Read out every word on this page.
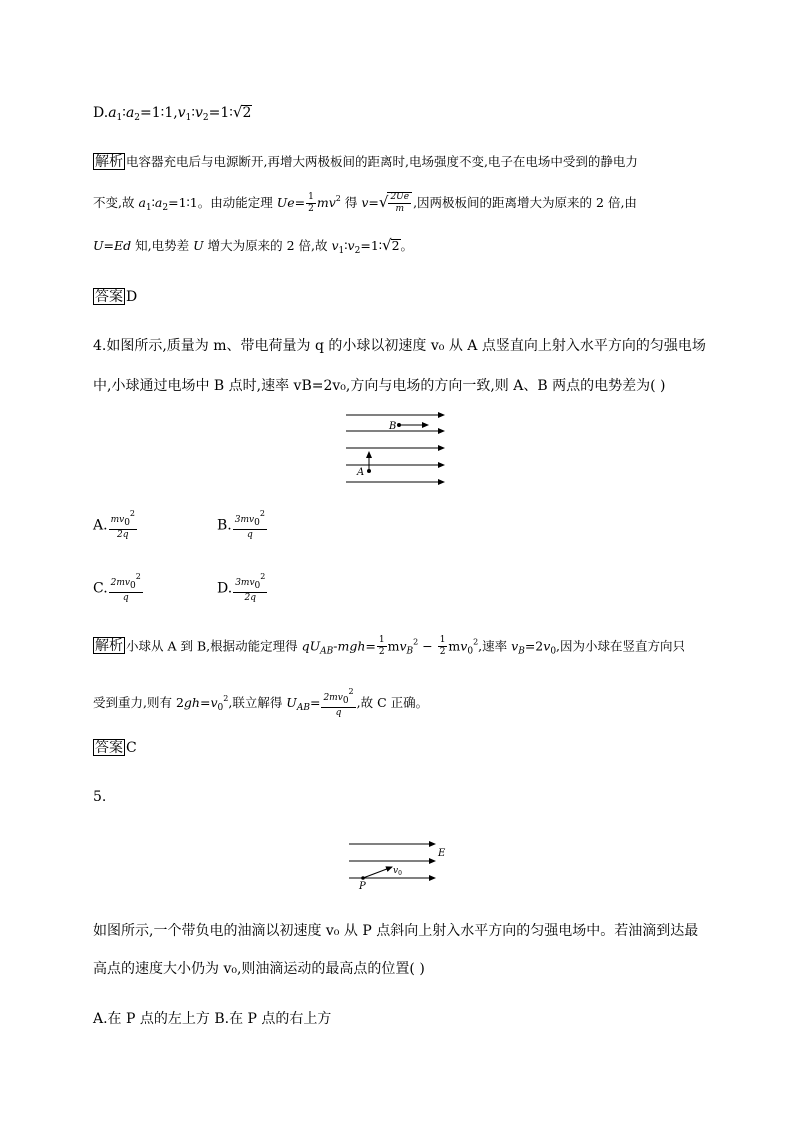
$D.a_1∶a_2=1∶1,v_1∶v_2=1∶√2$
解析 电容器充电后与电源断开,再增大两极板间的距离时,电场强度不变,电子在电场中受到的静电力
不变,故 $a_1∶a_2=1∶1$。由动能定理 $Ue= \frac{1}{2} mv^2$ 得 $v=√ \frac{2Ue}{m}$ ,因两极板间的距离增大为原来的 2 倍,由
U=Ed 知,电势差 U 增大为原来的 2 倍,故 $v_1∶v_2=1∶√2$。
答案 D
4.如图所示,质量为 m、带电荷量为 q 的小球以初速度 v₀ 从 A 点竖直向上射入水平方向的匀强电场
中,小球通过电场中 B 点时,速率 vB=2v₀,方向与电场的方向一致,则 A、B 两点的电势差为( )
B
A
A. $\frac{mv_0^2}{2q}$	B. $\frac{3mv_0^2}{q}$
C. $\frac{2mv_0^2}{q}$	D. $\frac{3mv_0^2}{2q}$
解析 小球从 A 到 B,根据动能定理得 $qU_{AB}-mgh= \frac{1}{2} mv_B^2 - \frac{1}{2} mv_0^2$,速率 $v_B=2v_0$,因为小球在竖直方向只
受到重力,则有 $2gh=v_0^2$,联立解得 $U_{AB}= \frac{2mv_0^2}{q}$ ,故 C 正确。
答案 C
5.
$v_0$
E
P
如图所示,一个带负电的油滴以初速度 v₀ 从 P 点斜向上射入水平方向的匀强电场中。若油滴到达最
高点的速度大小仍为 v₀,则油滴运动的最高点的位置( )
A.在 P 点的左上方 B.在 P 点的右上方
